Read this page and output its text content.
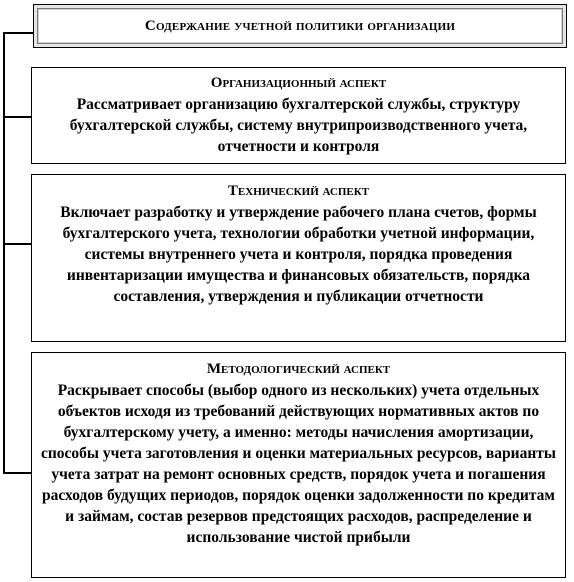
Содержание учетной политики организации
Организационный аспект
Рассматривает организацию бухгалтерской службы, структуру бухгалтерской службы, систему внутрипроизводственного учета, отчетности и контроля
Технический аспект
Включает разработку и утверждение рабочего плана счетов, формы бухгалтерского учета, технологии обработки учетной информации, системы внутреннего учета и контроля, порядка проведения инвентаризации имущества и финансовых обязательств, порядка составления, утверждения и публикации отчетности
Методологический аспект
Раскрывает способы (выбор одного из нескольких) учета отдельных объектов исходя из требований действующих нормативных актов по бухгалтерскому учету, а именно: методы начисления амортизации, способы учета заготовления и оценки материальных ресурсов, варианты учета затрат на ремонт основных средств, порядок учета и погашения расходов будущих периодов, порядок оценки задолженности по кредитам и займам, состав резервов предстоящих расходов, распределение и использование чистой прибыли
